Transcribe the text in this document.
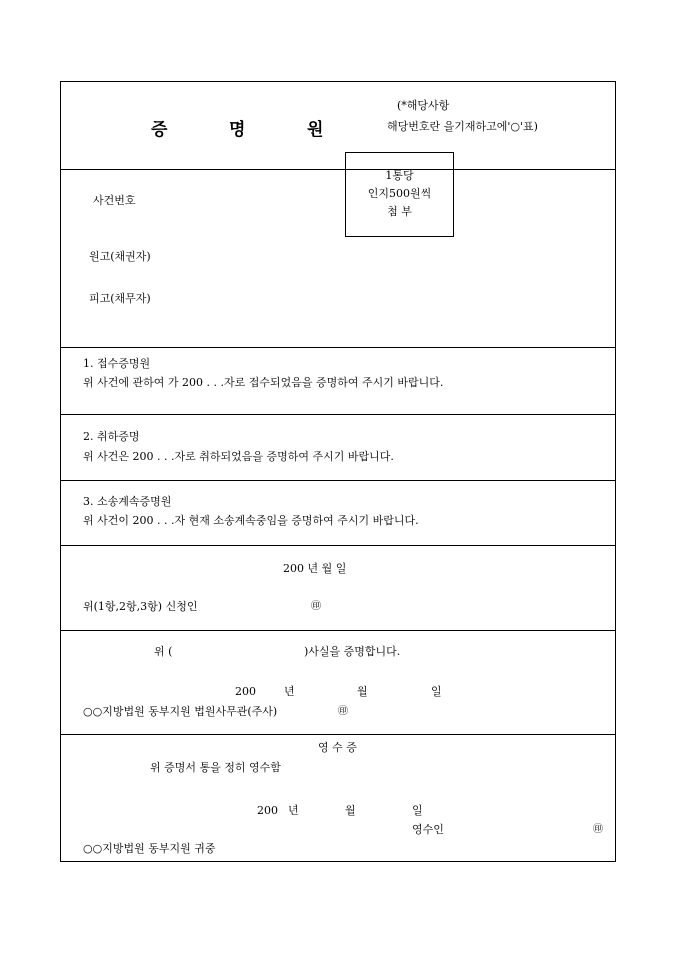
증	명	원
(*해당사항
해당번호란 을기재하고에'○'표)
사건번호
원고(채권자)
피고(채무자)
1. 접수증명원
위 사건에 관하여 가 200 . . .자로 접수되었음을 증명하여 주시기 바랍니다.
2. 취하증명
위 사건은 200 . . .자로 취하되었음을 증명하여 주시기 바랍니다.
3. 소송계속증명원
위 사건이 200 . . .자 현재 소송계속중임을 증명하여 주시기 바랍니다.
200 년 월 일
위(1항,2항,3항) 신청인	㊞
위 (	)사실을 증명합니다.
200	년	월	일
○○지방법원 동부지원 법원사무관(주사)	㊞
영 수 증
위 증명서 통을 정히 영수함
200 년	월	일
영수인	㊞
○○지방법원 동부지원 귀중
1통당
인지500원씩
첨 부
